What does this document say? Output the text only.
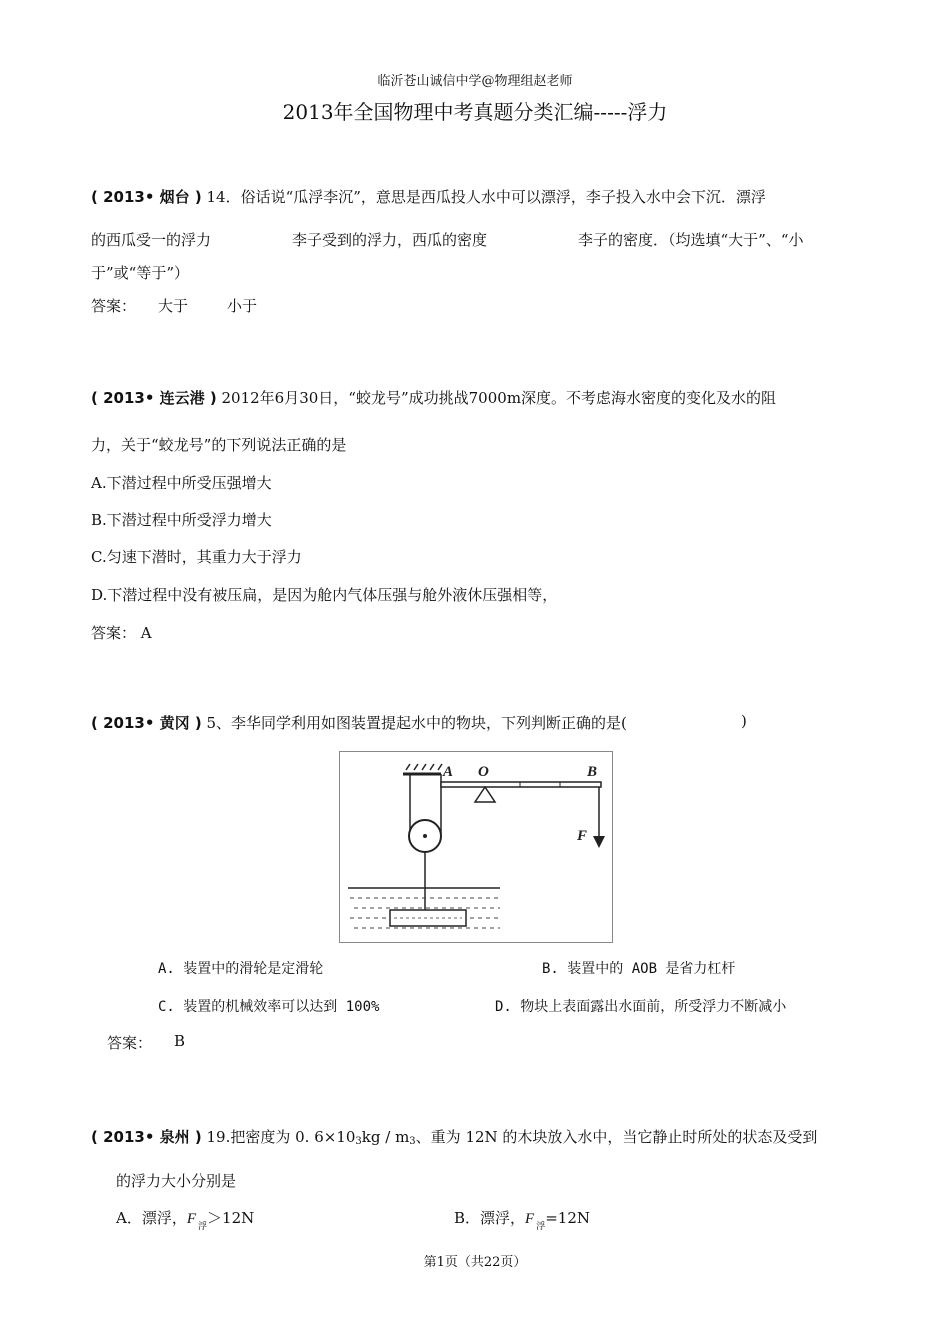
临沂苍山诚信中学@物理组赵老师
2013年全国物理中考真题分类汇编-----浮力
( 2013• 烟台 ) 14．俗话说“瓜浮李沉”，意思是西瓜投人水中可以漂浮，李子投入水中会下沉．漂浮
的西瓜受一的浮力	李子受到的浮力，西瓜的密度	李子的密度．（均选填“大于”、“小
于”或“等于”）
答案： 大于	小于
( 2013• 连云港 ) 2012年6月30日，“蛟龙号”成功挑战7000m深度。不考虑海水密度的变化及水的阻
力，关于“蛟龙号”的下列说法正确的是
A.下潜过程中所受压强增大
B.下潜过程中所受浮力增大
C.匀速下潜时，其重力大于浮力
D.下潜过程中没有被压扁，是因为舱内气体压强与舱外液休压强相等，
答案： A
( 2013• 黄冈 ) 5、李华同学利用如图装置提起水中的物块，下列判断正确的是(	)
A O	B
F
A. 装置中的滑轮是定滑轮	B. 装置中的 AOB 是省力杠杆
C. 装置的机械效率可以达到 100%	D. 物块上表面露出水面前，所受浮力不断减小
答案： B
( 2013• 泉州 ) 19.把密度为 0. $6\times 10_3kg / m_3$、重为 12N 的木块放入水中，当它静止时所处的状态及受到
的浮力大小分别是
A．漂浮，F $_浮$＞12N	B．漂浮，F $_浮$=12N
第1页（共22页）
